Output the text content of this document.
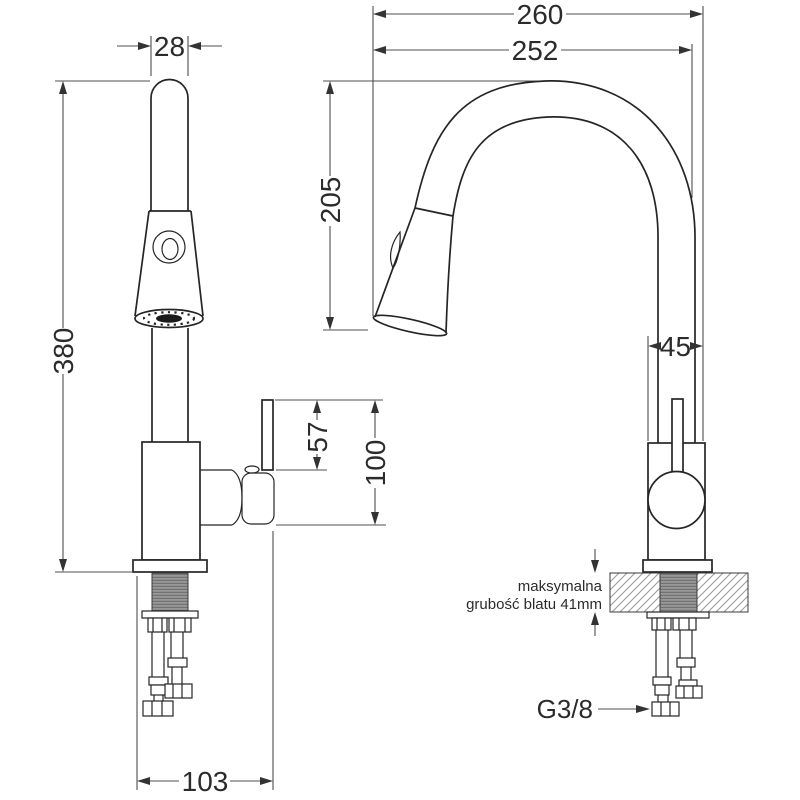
28
380
57
100
103
260
252
205
45
maksymalna
grubość blatu 41mm
G3/8
